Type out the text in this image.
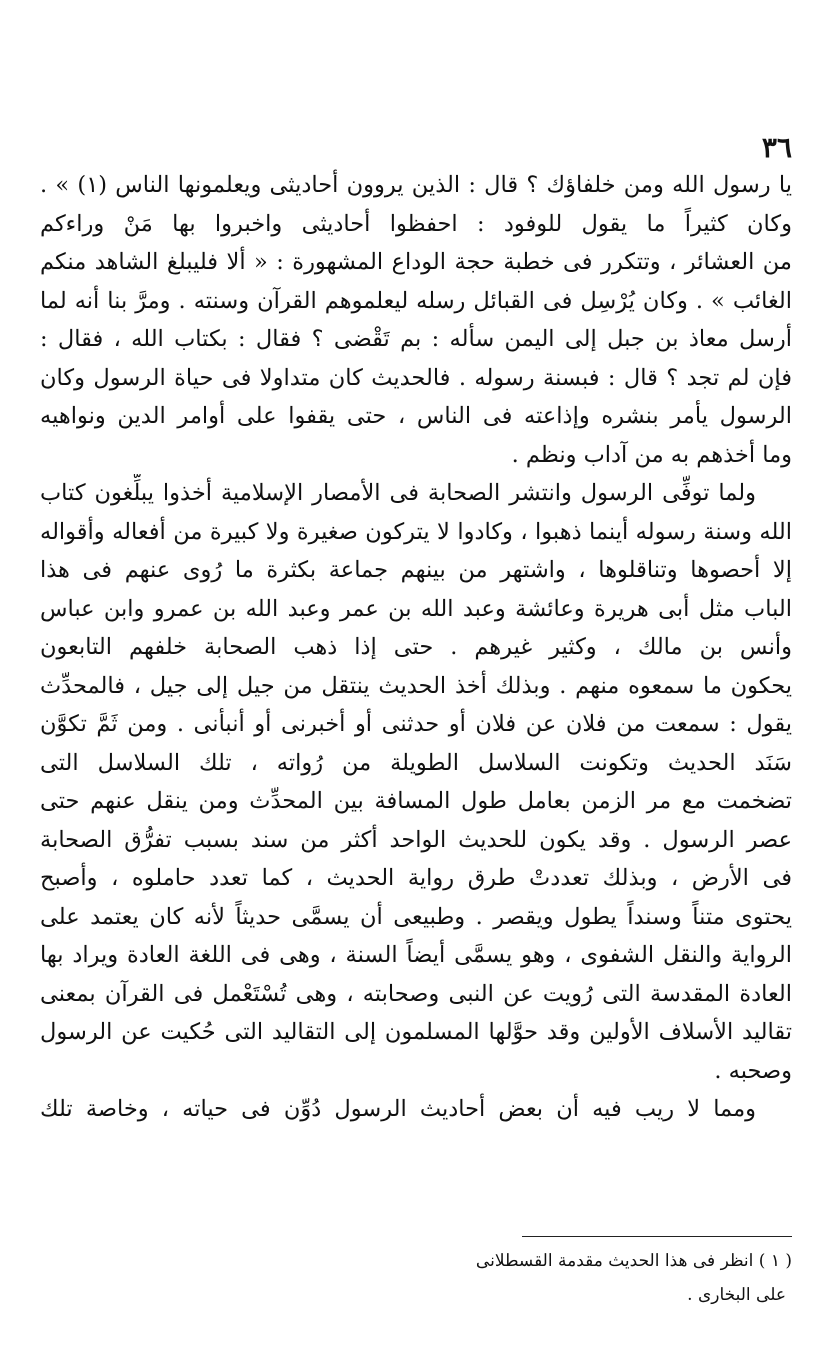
٣٦
يا رسول الله ومن خلفاؤك ؟ قال : الذين يروون أحاديثى ويعلمونها الناس (١) » .
وكان كثيراً ما يقول للوفود : احفظوا أحاديثى واخبروا بها مَنْ وراءكم
من العشائر ، وتتكرر فى خطبة حجة الوداع المشهورة : « ألا فليبلغ الشاهد منكم
الغائب » . وكان يُرْسِل فى القبائل رسله ليعلموهم القرآن وسنته . ومرَّ بنا أنه لما
أرسل معاذ بن جبل إلى اليمن سأله : بم تَقْضى ؟ فقال : بكتاب الله ، فقال :
فإن لم تجد ؟ قال : فبسنة رسوله . فالحديث كان متداولا فى حياة الرسول وكان
الرسول يأمر بنشره وإذاعته فى الناس ، حتى يقفوا على أوامر الدين ونواهيه
وما أخذهم به من آداب ونظم .
ولما توفِّى الرسول وانتشر الصحابة فى الأمصار الإسلامية أخذوا يبلِّغون كتاب
الله وسنة رسوله أينما ذهبوا ، وكادوا لا يتركون صغيرة ولا كبيرة من أفعاله وأقواله
إلا أحصوها وتناقلوها ، واشتهر من بينهم جماعة بكثرة ما رُوى عنهم فى هذا
الباب مثل أبى هريرة وعائشة وعبد الله بن عمر وعبد الله بن عمرو وابن عباس
وأنس بن مالك ، وكثير غيرهم . حتى إذا ذهب الصحابة خلفهم التابعون
يحكون ما سمعوه منهم . وبذلك أخذ الحديث ينتقل من جيل إلى جيل ، فالمحدِّث
يقول : سمعت من فلان عن فلان أو حدثنى أو أخبرنى أو أنبأنى . ومن ثَمَّ تكوَّن
سَنَد الحديث وتكونت السلاسل الطويلة من رُواته ، تلك السلاسل التى
تضخمت مع مر الزمن بعامل طول المسافة بين المحدِّث ومن ينقل عنهم حتى
عصر الرسول . وقد يكون للحديث الواحد أكثر من سند بسبب تفرُّق الصحابة
فى الأرض ، وبذلك تعددتْ طرق رواية الحديث ، كما تعدد حاملوه ، وأصبح
يحتوى متناً وسنداً يطول ويقصر . وطبيعى أن يسمَّى حديثاً لأنه كان يعتمد على
الرواية والنقل الشفوى ، وهو يسمَّى أيضاً السنة ، وهى فى اللغة العادة ويراد بها
العادة المقدسة التى رُويت عن النبى وصحابته ، وهى تُسْتَعْمل فى القرآن بمعنى
تقاليد الأسلاف الأولين وقد حوَّلها المسلمون إلى التقاليد التى حُكيت عن الرسول
وصحبه .
ومما لا ريب فيه أن بعض أحاديث الرسول دُوِّن فى حياته ، وخاصة تلك
( ١ ) انظر فى هذا الحديث مقدمة القسطلانى
على البخارى .
